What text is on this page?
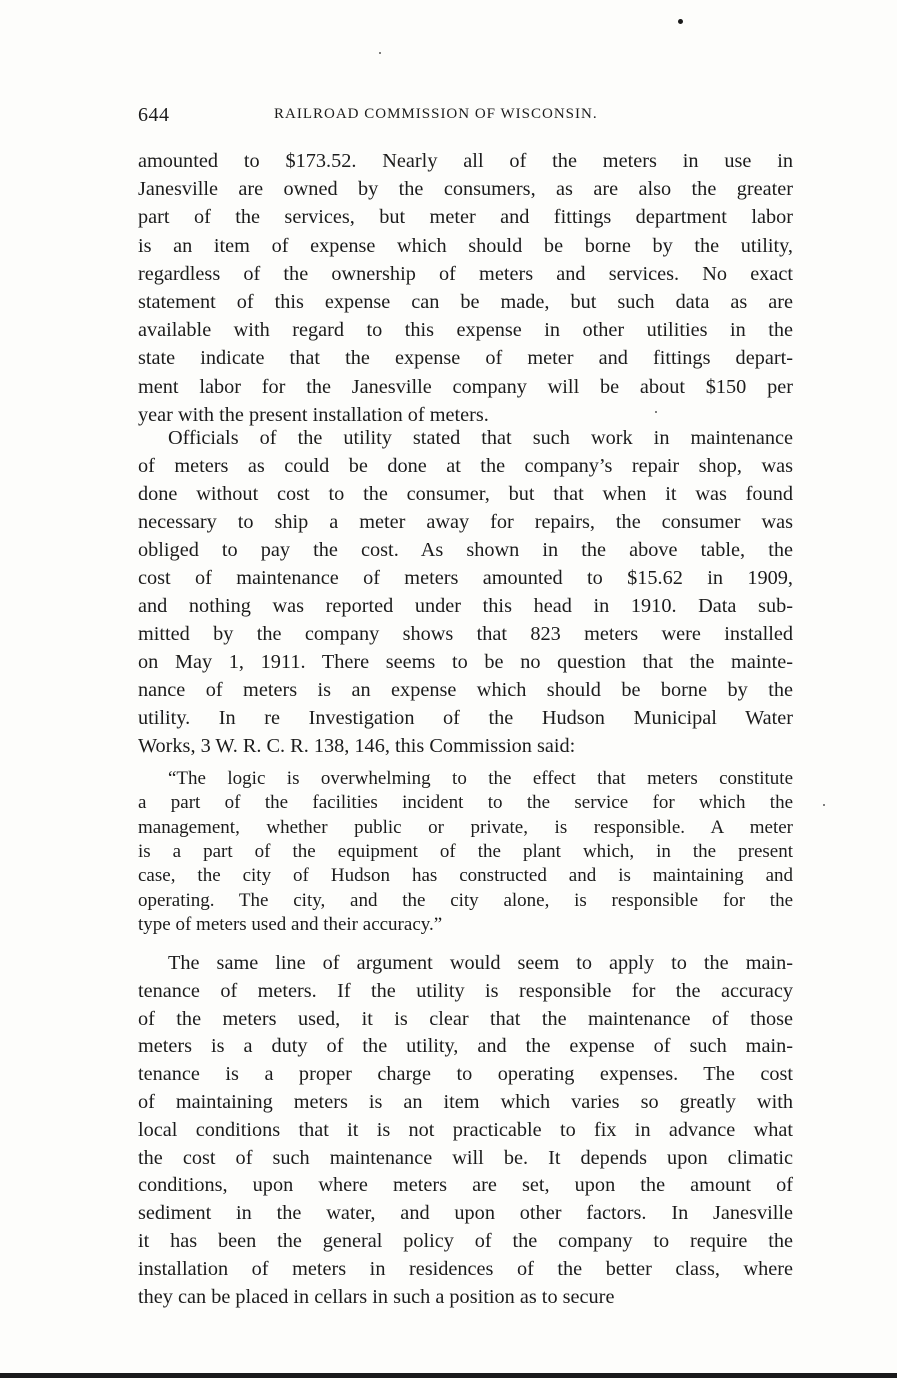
644	RAILROAD COMMISSION OF WISCONSIN.
amounted to $173.52. Nearly all of the meters in use in
Janesville are owned by the consumers, as are also the greater
part of the services, but meter and fittings department labor
is an item of expense which should be borne by the utility,
regardless of the ownership of meters and services. No exact
statement of this expense can be made, but such data as are
available with regard to this expense in other utilities in the
state indicate that the expense of meter and fittings depart-
ment labor for the Janesville company will be about $150 per
year with the present installation of meters.
Officials of the utility stated that such work in maintenance
of meters as could be done at the company’s repair shop, was
done without cost to the consumer, but that when it was found
necessary to ship a meter away for repairs, the consumer was
obliged to pay the cost. As shown in the above table, the
cost of maintenance of meters amounted to $15.62 in 1909,
and nothing was reported under this head in 1910. Data sub-
mitted by the company shows that 823 meters were installed
on May 1, 1911. There seems to be no question that the mainte-
nance of meters is an expense which should be borne by the
utility. In re Investigation of the Hudson Municipal Water
Works, 3 W. R. C. R. 138, 146, this Commission said:
“The logic is overwhelming to the effect that meters constitute
a part of the facilities incident to the service for which the
management, whether public or private, is responsible. A meter
is a part of the equipment of the plant which, in the present
case, the city of Hudson has constructed and is maintaining and
operating. The city, and the city alone, is responsible for the
type of meters used and their accuracy.”
The same line of argument would seem to apply to the main-
tenance of meters. If the utility is responsible for the accuracy
of the meters used, it is clear that the maintenance of those
meters is a duty of the utility, and the expense of such main-
tenance is a proper charge to operating expenses. The cost
of maintaining meters is an item which varies so greatly with
local conditions that it is not practicable to fix in advance what
the cost of such maintenance will be. It depends upon climatic
conditions, upon where meters are set, upon the amount of
sediment in the water, and upon other factors. In Janesville
it has been the general policy of the company to require the
installation of meters in residences of the better class, where
they can be placed in cellars in such a position as to secure
